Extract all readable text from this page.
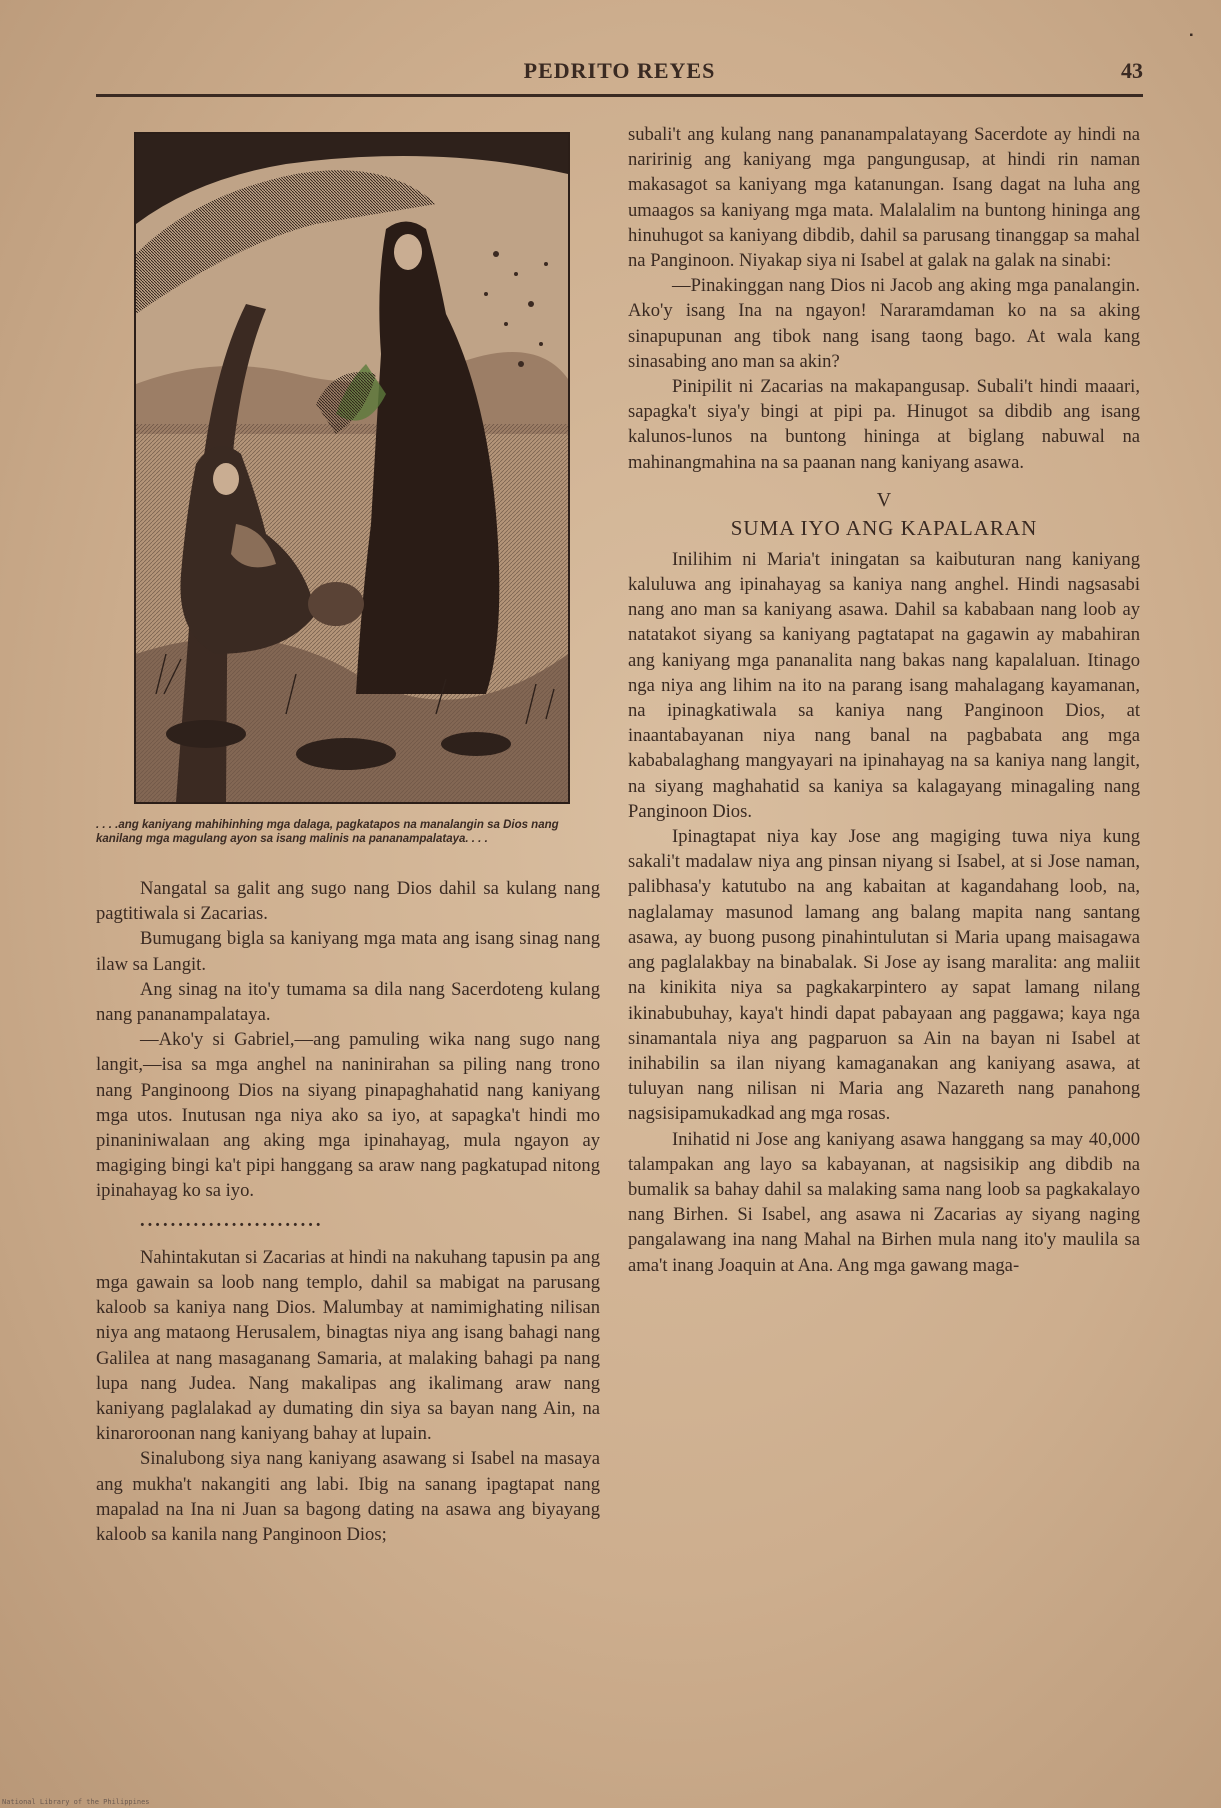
▪
PEDRITO REYES	43
. . . .ang kaniyang mahihinhing mga dalaga, pagkatapos na manalangin sa Dios nang kanilang mga magulang ayon sa isang malinis na pananampalataya. . . .

Nangatal sa galit ang sugo nang Dios dahil sa kulang nang pagtitiwala si Zacarias.

Bumugang bigla sa kaniyang mga mata ang isang sinag nang ilaw sa Langit.

Ang sinag na ito'y tumama sa dila nang Sacerdoteng kulang nang pananampalataya.

—Ako'y si Gabriel,—ang pamuling wika nang sugo nang langit,—isa sa mga anghel na naninirahan sa piling nang trono nang Panginoong Dios na siyang pinapaghahatid nang kaniyang mga utos. Inutusan nga niya ako sa iyo, at sapagka't hindi mo pinaniniwalaan ang aking mga ipinahayag, mula ngayon ay magiging bingi ka't pipi hanggang sa araw nang pagkatupad nitong ipinahayag ko sa iyo.

........................

Nahintakutan si Zacarias at hindi na nakuhang tapusin pa ang mga gawain sa loob nang templo, dahil sa mabigat na parusang kaloob sa kaniya nang Dios. Malumbay at namimighating nilisan niya ang mataong Herusalem, binagtas niya ang isang bahagi nang Galilea at nang masaganang Samaria, at malaking bahagi pa nang lupa nang Judea. Nang makalipas ang ikalimang araw nang kaniyang paglalakad ay dumating din siya sa bayan nang Ain, na kinaroroonan nang kaniyang bahay at lupain.

Sinalubong siya nang kaniyang asawang si Isabel na masaya ang mukha't nakangiti ang labi. Ibig na sanang ipagtapat nang mapalad na Ina ni Juan sa bagong dating na asawa ang biyayang kaloob sa kanila nang Panginoon Dios;

subali't ang kulang nang pananampalatayang Sacerdote ay hindi na naririnig ang kaniyang mga pangungusap, at hindi rin naman makasagot sa kaniyang mga katanungan. Isang dagat na luha ang umaagos sa kaniyang mga mata. Malalalim na buntong hininga ang hinuhugot sa kaniyang dibdib, dahil sa parusang tinanggap sa mahal na Panginoon. Niyakap siya ni Isabel at galak na galak na sinabi:

—Pinakinggan nang Dios ni Jacob ang aking mga panalangin. Ako'y isang Ina na ngayon! Nararamdaman ko na sa aking sinapupunan ang tibok nang isang taong bago. At wala kang sinasabing ano man sa akin?

Pinipilit ni Zacarias na makapangusap. Subali't hindi maaari, sapagka't siya'y bingi at pipi pa. Hinugot sa dibdib ang isang kalunos-lunos na buntong hininga at biglang nabuwal na mahinangmahina na sa paanan nang kaniyang asawa.

V
SUMA IYO ANG KAPALARAN

Inilihim ni Maria't iningatan sa kaibuturan nang kaniyang kaluluwa ang ipinahayag sa kaniya nang anghel. Hindi nagsasabi nang ano man sa kaniyang asawa. Dahil sa kababaan nang loob ay natatakot siyang sa kaniyang pagtatapat na gagawin ay mabahiran ang kaniyang mga pananalita nang bakas nang kapalaluan. Itinago nga niya ang lihim na ito na parang isang mahalagang kayamanan, na ipinagkatiwala sa kaniya nang Panginoon Dios, at inaantabayanan niya nang banal na pagbabata ang mga kababalaghang mangyayari na ipinahayag na sa kaniya nang langit, na siyang maghahatid sa kaniya sa kalagayang minagaling nang Panginoon Dios.

Ipinagtapat niya kay Jose ang magiging tuwa niya kung sakali't madalaw niya ang pinsan niyang si Isabel, at si Jose naman, palibhasa'y katutubo na ang kabaitan at kagandahang loob, na, naglalamay masunod lamang ang balang mapita nang santang asawa, ay buong pusong pinahintulutan si Maria upang maisagawa ang paglalakbay na binabalak. Si Jose ay isang maralita: ang maliit na kinikita niya sa pagkakarpintero ay sapat lamang nilang ikinabubuhay, kaya't hindi dapat pabayaan ang paggawa; kaya nga sinamantala niya ang pagparuon sa Ain na bayan ni Isabel at inihabilin sa ilan niyang kamaganakan ang kaniyang asawa, at tuluyan nang nilisan ni Maria ang Nazareth nang panahong nagsisipamukadkad ang mga rosas.

Inihatid ni Jose ang kaniyang asawa hanggang sa may 40,000 talampakan ang layo sa kabayanan, at nagsisikip ang dibdib na bumalik sa bahay dahil sa malaking sama nang loob sa pagkakalayo nang Birhen. Si Isabel, ang asawa ni Zacarias ay siyang naging pangalawang ina nang Mahal na Birhen mula nang ito'y maulila sa ama't inang Joaquin at Ana. Ang mga gawang maga-

National Library of the Philippines
